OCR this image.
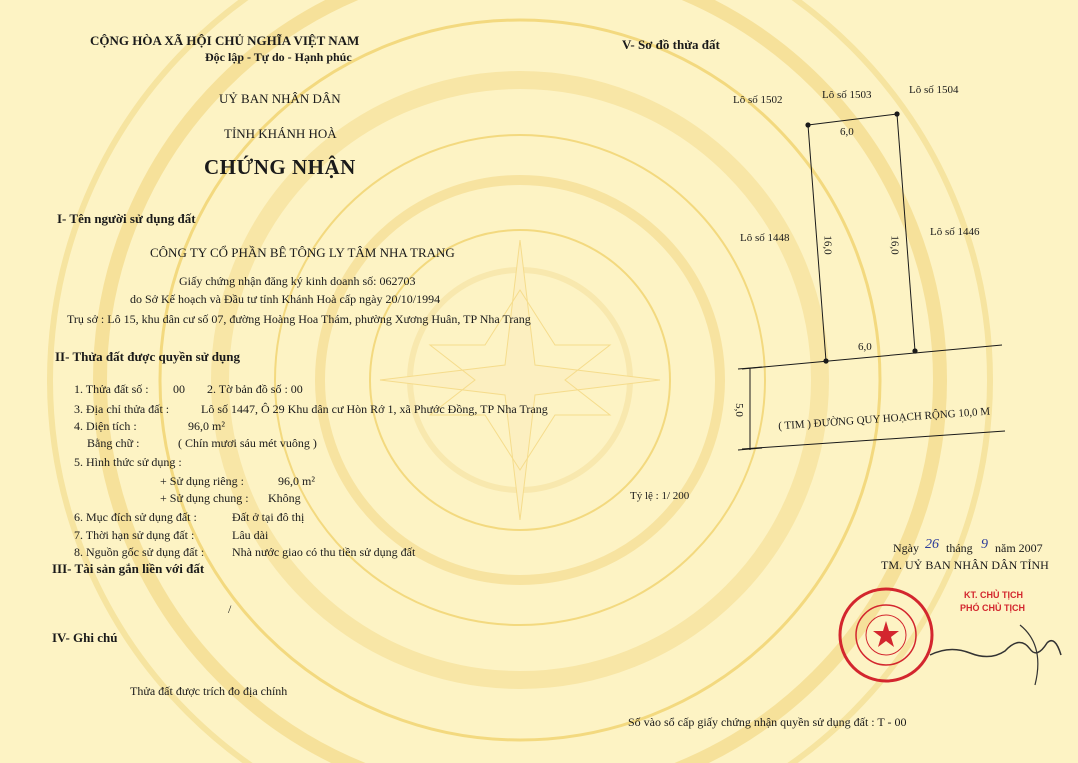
CỘNG HÒA XÃ HỘI CHỦ NGHĨA VIỆT NAM
Độc lập - Tự do - Hạnh phúc
UỶ BAN NHÂN DÂN
TỈNH KHÁNH HOÀ
CHỨNG NHẬN
I- Tên người sử dụng đất
CÔNG TY CỔ PHẦN BÊ TÔNG LY TÂM NHA TRANG
Giấy chứng nhận đăng ký kinh doanh số: 062703
do Sở Kế hoạch và Đầu tư tỉnh Khánh Hoà cấp ngày 20/10/1994
Trụ sở : Lô 15, khu dân cư số 07, đường Hoàng Hoa Thám, phường Xương Huân, TP Nha Trang
II- Thửa đất được quyền sử dụng
1. Thửa đất số : 00 2. Tờ bản đồ số : 00
3. Địa chỉ thửa đất :	Lô số 1447, Ô 29 Khu dân cư Hòn Rớ 1, xã Phước Đồng, TP Nha Trang
4. Diện tích :	96,0 m²
Bằng chữ :	( Chín mươi sáu mét vuông )
5. Hình thức sử dụng :
+ Sử dụng riêng :	96,0 m²
+ Sử dụng chung : Không
6. Mục đích sử dụng đất :	Đất ở tại đô thị
7. Thời hạn sử dụng đất :	Lâu dài
8. Nguồn gốc sử dụng đất : Nhà nước giao có thu tiền sử dụng đất
III- Tài sản gắn liền với đất
/
IV- Ghi chú
Thửa đất được trích đo địa chính
V- Sơ đồ thửa đất
Lô số 1502	Lô số 1503	Lô số 1504
Lô số 1448	Lô số 1446
6,0
6,0
16,0	16,0
5,0	( TIM ) ĐƯỜNG QUY HOẠCH RỘNG 10,0 M
Tỷ lệ : 1/ 200
Ngày 26 tháng 9 năm 2007
TM. UỶ BAN NHÂN DÂN TỈNH
KT. CHỦ TỊCH
PHÓ CHỦ TỊCH
Số vào sổ cấp giấy chứng nhận quyền sử dụng đất : T - 00
